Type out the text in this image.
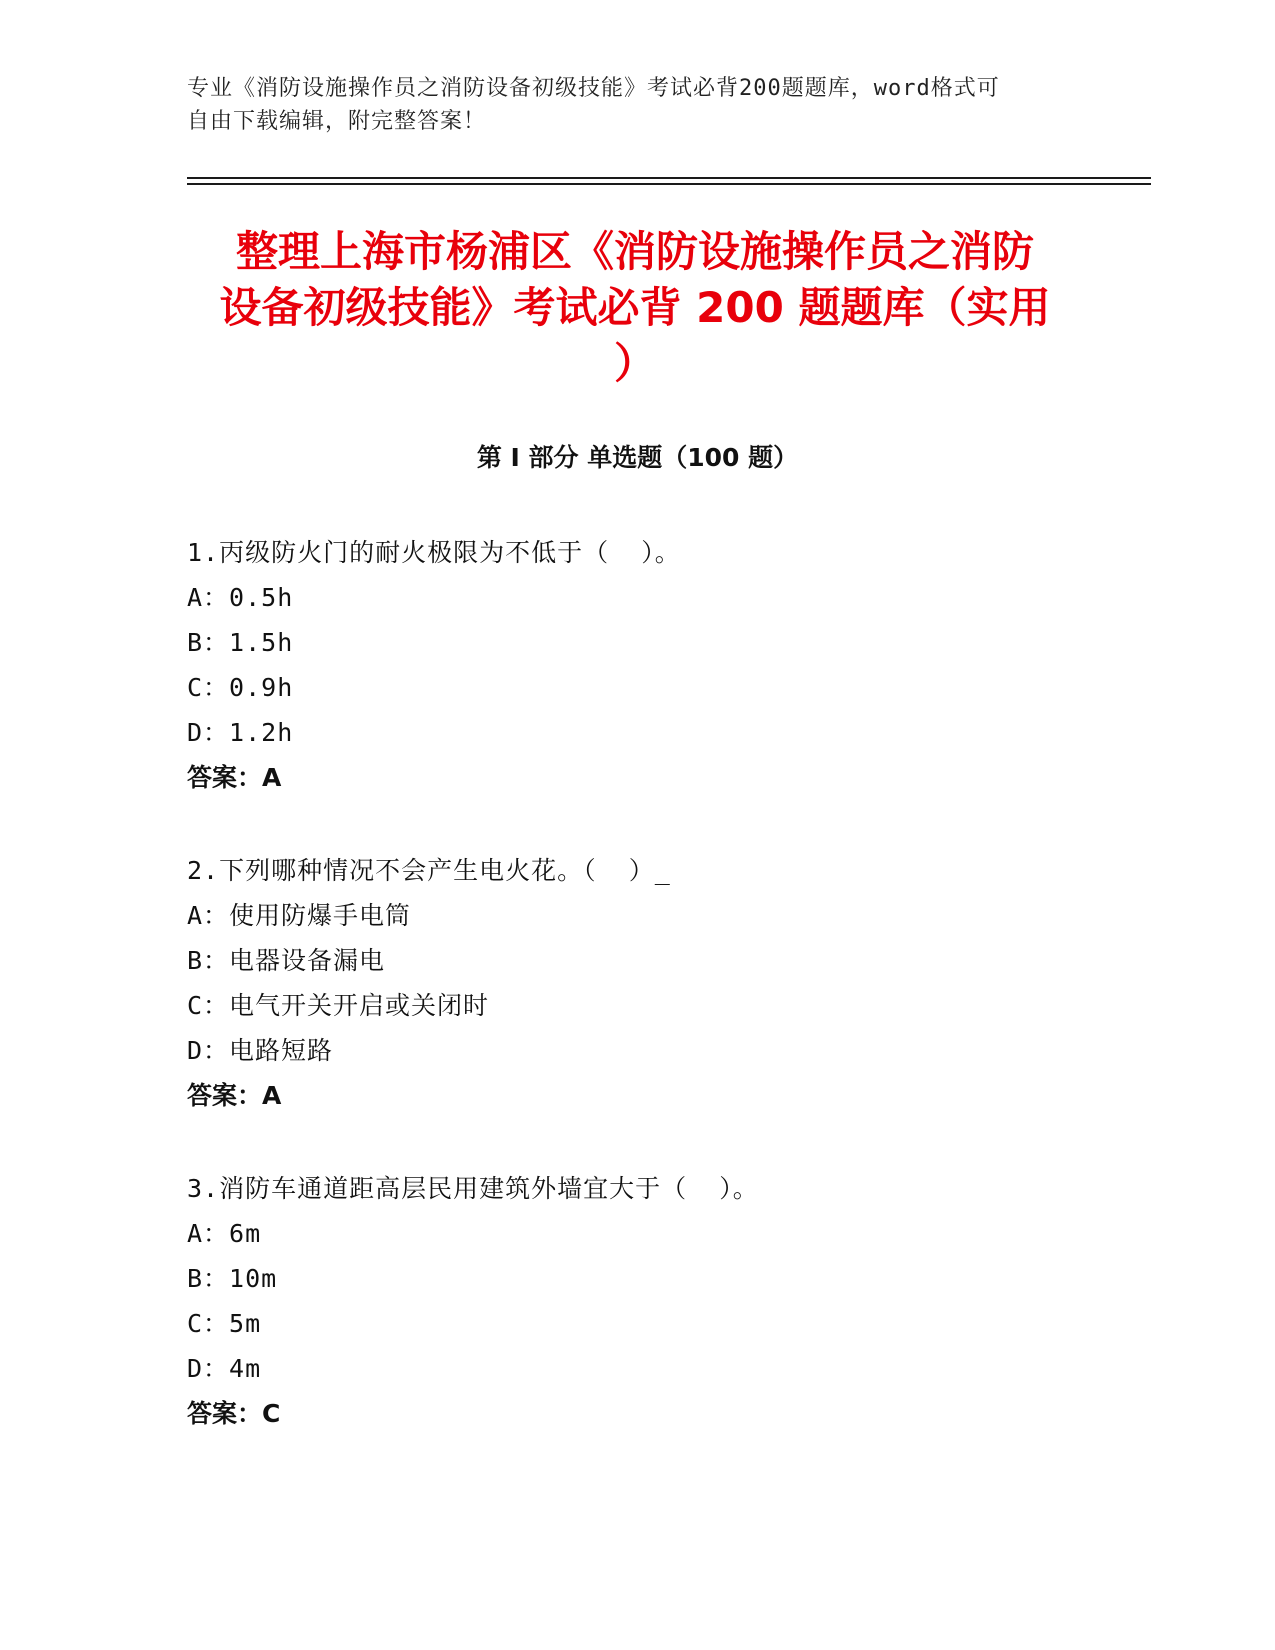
专业《消防设施操作员之消防设备初级技能》考试必背200题题库，word格式可
自由下载编辑，附完整答案！
整理上海市杨浦区《消防设施操作员之消防
设备初级技能》考试必背 200 题题库（实用
）
第 I 部分 单选题（100 题）
1.丙级防火门的耐火极限为不低于（  ）。
A：0.5h
B：1.5h
C：0.9h
D：1.2h
答案：A
2.下列哪种情况不会产生电火花。（  ）_
A：使用防爆手电筒
B：电器设备漏电
C：电气开关开启或关闭时
D：电路短路
答案：A
3.消防车通道距高层民用建筑外墙宜大于（  ）。
A：6m
B：10m
C：5m
D：4m
答案：C
